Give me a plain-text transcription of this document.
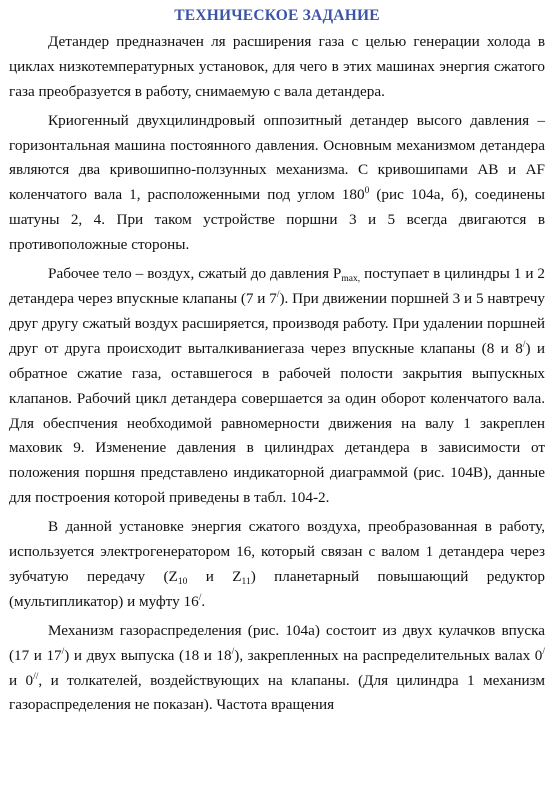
ТЕХНИЧЕСКОЕ ЗАДАНИЕ

Детандер предназначен ля расширения газа с целью генерации холода в циклах низкотемпературных установок, для чего в этих машинах энергия сжатого газа преобразуется в работу, снимаемую с вала детандера.

Криогенный двухцилиндровый оппозитный детандер высого давления – горизонтальная машина постоянного давления. Основным механизмом детандера являются два кривошипно-ползунных механизма. С кривошипами AB и AF коленчатого вала 1, расположенными под углом $180^0$ (рис 104а, б), соединены шатуны 2, 4. При таком устройстве поршни 3 и 5 всегда двигаются в противоположные стороны.

Рабочее тело – воздух, сжатый до давления $P_{max,}$ поступает в цилиндры 1 и 2 детандера через впускные клапаны (7 и 7/). При движении поршней 3 и 5 навтречу друг другу сжатый воздух расширяется, производя работу. При удалении поршней друг от друга происходит выталкиваниегаза через впускные клапаны (8 и 8/) и обратное сжатие газа, оставшегося в рабочей полости закрытия выпускных клапанов. Рабочий цикл детандера совершается за один оборот коленчатого вала. Для обеспчения необходимой равномерности движения на валу 1 закреплен маховик 9. Изменение давления в цилиндрах детандера в зависимости от положения поршня представлено индикаторной диаграммой (рис. 104В), данные для построения которой приведены в табл. 104-2.

В данной установке энергия сжатого воздуха, преобразованная в работу, используется электрогенератором 16, который связан с валом 1 детандера через зубчатую передачу ($Z_{10}$ и $Z_{11}$) планетарный повышающий редуктор (мультипликатор) и муфту 16/.

Механизм газораспределения (рис. 104а) состоит из двух кулачков впуска (17 и 17/) и двух выпуска (18 и 18/), закрепленных на распределительных валах 0/ и 0//, и толкателей, воздействующих на клапаны. (Для цилиндра 1 механизм газораспределения не показан). Частота вращения
